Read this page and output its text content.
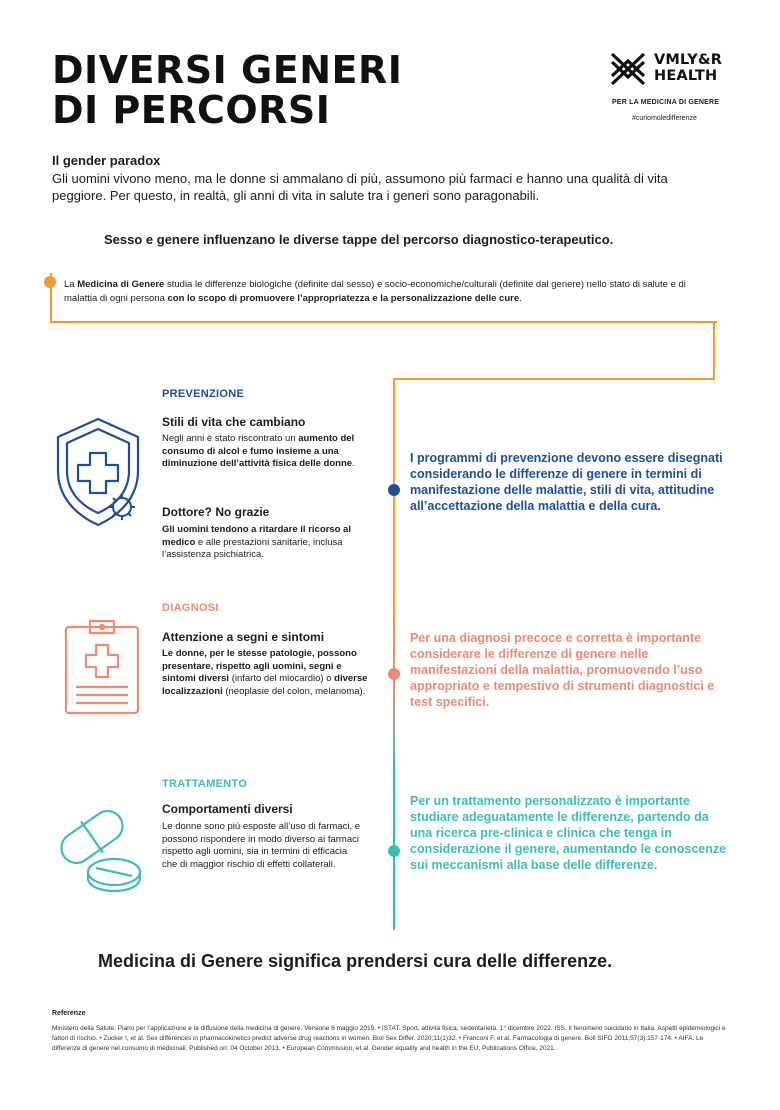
DIVERSI GENERI
DI PERCORSI
VMLY&R
HEALTH
PER LA MEDICINA DI GENERE
#curiomoledifferenze
Il gender paradox
Gli uomini vivono meno, ma le donne si ammalano di più, assumono più farmaci e hanno una qualità di vita peggiore. Per questo, in realtà, gli anni di vita in salute tra i generi sono paragonabili.
Sesso e genere influenzano le diverse tappe del percorso diagnostico-terapeutico.
La Medicina di Genere studia le differenze biologiche (definite dal sesso) e socio-economiche/culturali (definite dal genere) nello stato di salute e di malattia di ogni persona con lo scopo di promuovere l’appropriatezza e la personalizzazione delle cure.
PREVENZIONE
Stili di vita che cambiano
Negli anni è stato riscontrato un aumento del consumo di alcol e fumo insieme a una diminuzione dell’attività fisica delle donne.
Dottore? No grazie
Gli uomini tendono a ritardare il ricorso al medico e alle prestazioni sanitarie, inclusa l’assistenza psichiatrica.
I programmi di prevenzione devono essere disegnati considerando le differenze di genere in termini di manifestazione delle malattie, stili di vita, attitudine all’accettazione della malattia e della cura.
DIAGNOSI
Attenzione a segni e sintomi
Le donne, per le stesse patologie, possono presentare, rispetto agli uomini, segni e sintomi diversi (infarto del miocardio) o diverse localizzazioni (neoplasie del colon, melanoma).
Per una diagnosi precoce e corretta è importante considerare le differenze di genere nelle manifestazioni della malattia, promuovendo l’uso appropriato e tempestivo di strumenti diagnostici e test specifici.
TRATTAMENTO
Comportamenti diversi
Le donne sono più esposte all’uso di farmaci, e possono rispondere in modo diverso ai farmaci rispetto agli uomini, sia in termini di efficacia che di maggior rischio di effetti collaterali.
Per un trattamento personalizzato è importante studiare adeguatamente le differenze, partendo da una ricerca pre-clinica e clinica che tenga in considerazione il genere, aumentando le conoscenze sui meccanismi alla base delle differenze.
Medicina di Genere significa prendersi cura delle differenze.
Referenze
Ministero della Salute. Piano per l’applicazione e la diffusione della medicina di genere. Versione 6 maggio 2019. • ISTAT. Sport, attività fisica, sedentarietà. 1° dicembre 2022. ISS. Il fenomeno suicidario in Italia. Aspetti epidemiologici e fattori di rischio. • Zucker I, et al. Sex differences in pharmacokinetics predict adverse drug reactions in women. Biol Sex Differ. 2020;11(1)32. • Franconi F, et al. Farmacologia di genere. Boll SIFO 2011;57(3):157-174. • AIFA. Le differenze di genere nel consumo di medicinali. Published on: 04 October 2013. • European Commission, et al. Gender equality and health in the EU, Publications Office, 2021.
